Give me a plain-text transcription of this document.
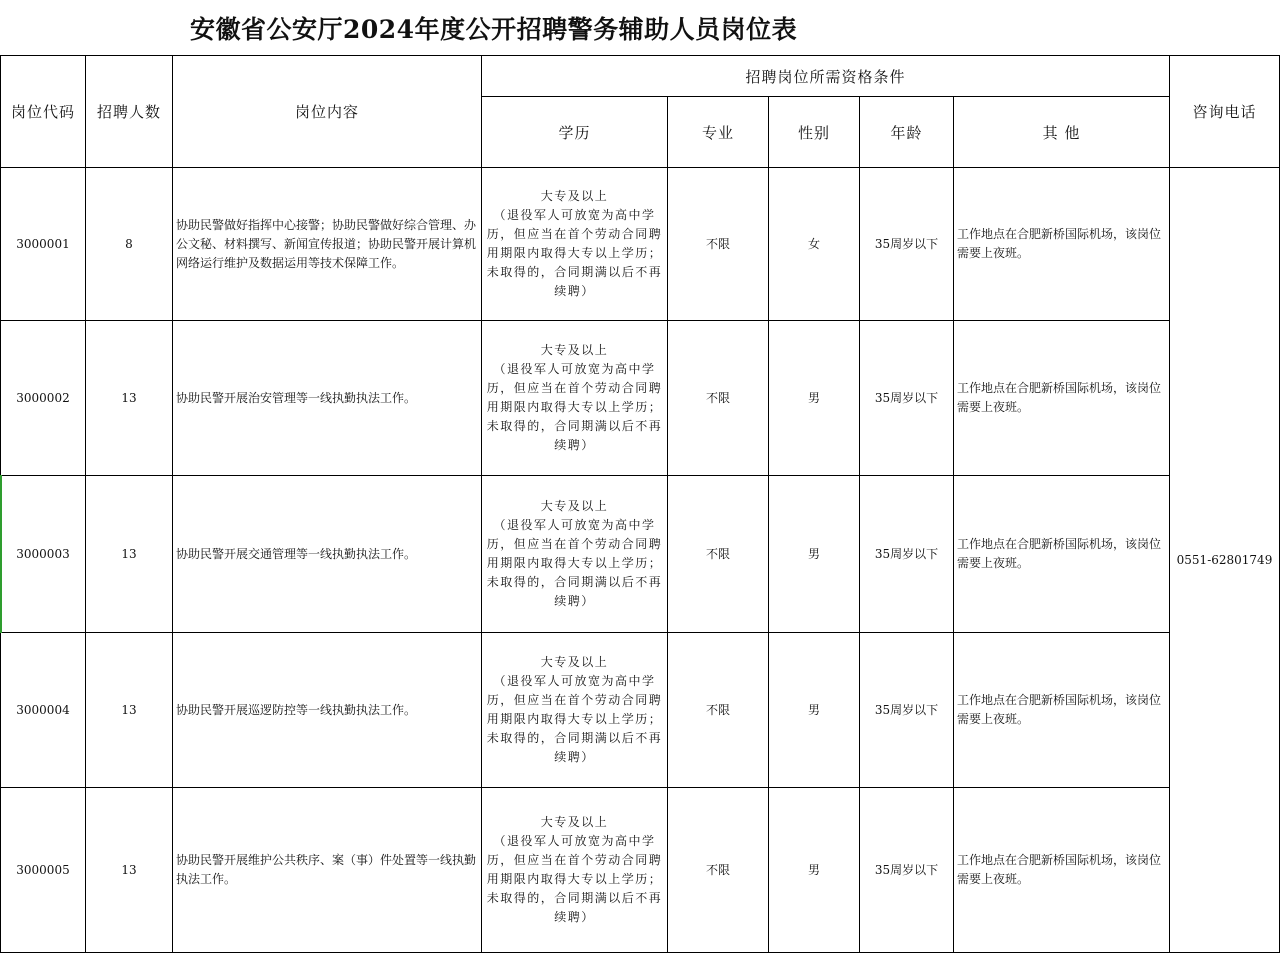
安徽省公安厅2024年度公开招聘警务辅助人员岗位表
岗位代码	招聘人数	岗位内容	招聘岗位所需资格条件					咨询电话
			学历	专业	性别	年龄	其 他	
3000001	8	协助民警做好指挥中心接警；协助民警做好综合管理、办公文秘、材料撰写、新闻宣传报道；协助民警开展计算机网络运行维护及数据运用等技术保障工作。	大专及以上
（退役军人可放宽为高中学历，但应当在首个劳动合同聘用期限内取得大专以上学历；未取得的，合同期满以后不再续聘）	不限	女	35周岁以下	工作地点在合肥新桥国际机场，该岗位需要上夜班。	0551-62801749
3000002	13	协助民警开展治安管理等一线执勤执法工作。	大专及以上
（退役军人可放宽为高中学历，但应当在首个劳动合同聘用期限内取得大专以上学历；未取得的，合同期满以后不再续聘）	不限	男	35周岁以下	工作地点在合肥新桥国际机场，该岗位需要上夜班。	
3000003	13	协助民警开展交通管理等一线执勤执法工作。	大专及以上
（退役军人可放宽为高中学历，但应当在首个劳动合同聘用期限内取得大专以上学历；未取得的，合同期满以后不再续聘）	不限	男	35周岁以下	工作地点在合肥新桥国际机场，该岗位需要上夜班。	
3000004	13	协助民警开展巡逻防控等一线执勤执法工作。	大专及以上
（退役军人可放宽为高中学历，但应当在首个劳动合同聘用期限内取得大专以上学历；未取得的，合同期满以后不再续聘）	不限	男	35周岁以下	工作地点在合肥新桥国际机场，该岗位需要上夜班。	
3000005	13	协助民警开展维护公共秩序、案（事）件处置等一线执勤执法工作。	大专及以上
（退役军人可放宽为高中学历，但应当在首个劳动合同聘用期限内取得大专以上学历；未取得的，合同期满以后不再续聘）	不限	男	35周岁以下	工作地点在合肥新桥国际机场，该岗位需要上夜班。	
